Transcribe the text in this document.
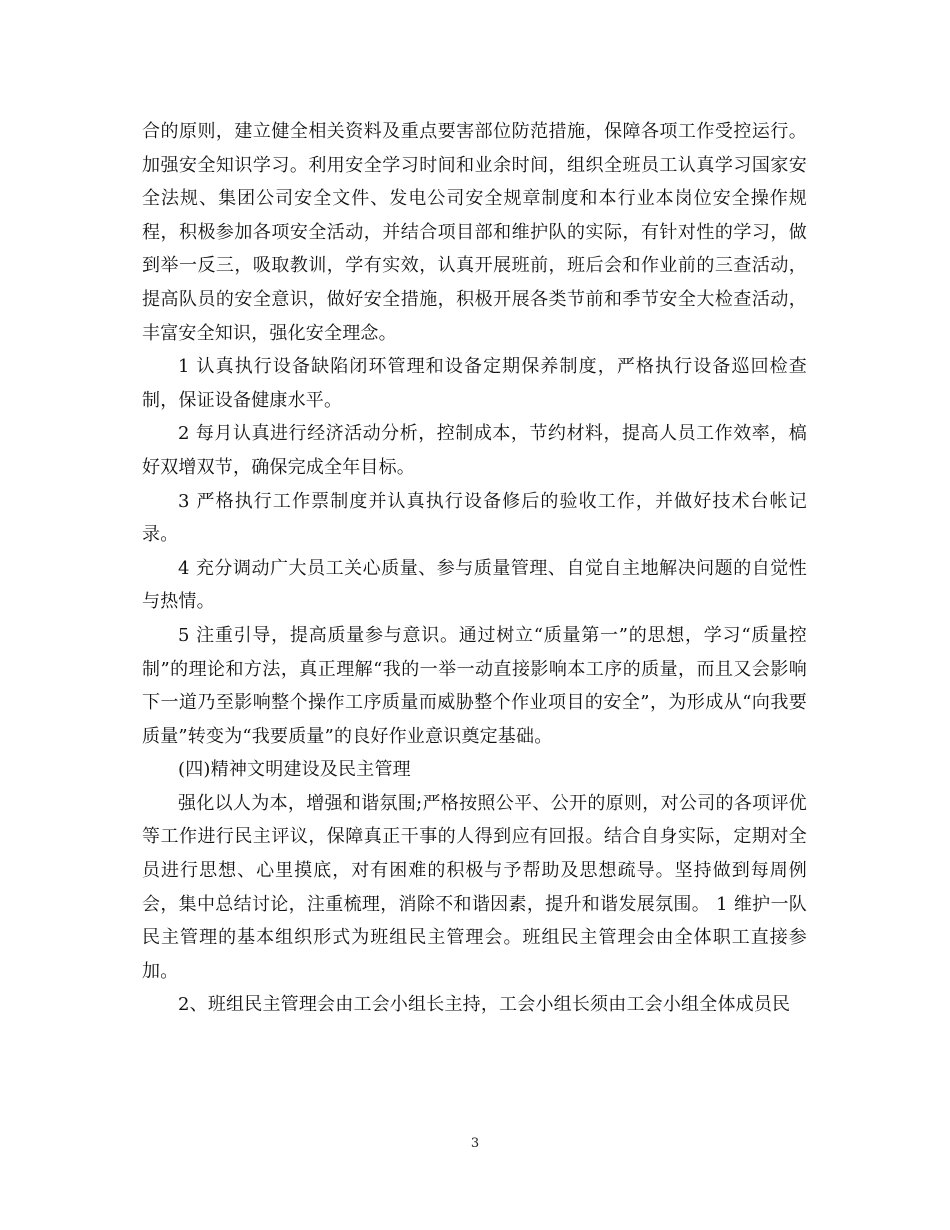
合的原则，建立健全相关资料及重点要害部位防范措施，保障各项工作受控运行。加强安全知识学习。利用安全学习时间和业余时间，组织全班员工认真学习国家安全法规、集团公司安全文件、发电公司安全规章制度和本行业本岗位安全操作规程，积极参加各项安全活动，并结合项目部和维护队的实际，有针对性的学习，做到举一反三，吸取教训，学有实效，认真开展班前，班后会和作业前的三查活动，提高队员的安全意识，做好安全措施，积极开展各类节前和季节安全大检查活动，丰富安全知识，强化安全理念。

1 认真执行设备缺陷闭环管理和设备定期保养制度，严格执行设备巡回检查制，保证设备健康水平。

2 每月认真进行经济活动分析，控制成本，节约材料，提高人员工作效率，槁好双增双节，确保完成全年目标。

3 严格执行工作票制度并认真执行设备修后的验收工作，并做好技术台帐记录。

4 充分调动广大员工关心质量、参与质量管理、自觉自主地解决问题的自觉性与热情。

5 注重引导，提高质量参与意识。通过树立“质量第一”的思想，学习“质量控制”的理论和方法，真正理解“我的一举一动直接影响本工序的质量，而且又会影响下一道乃至影响整个操作工序质量而威胁整个作业项目的安全”，为形成从“向我要质量”转变为“我要质量”的良好作业意识奠定基础。

(四)精神文明建设及民主管理

强化以人为本，增强和谐氛围;严格按照公平、公开的原则，对公司的各项评优等工作进行民主评议，保障真正干事的人得到应有回报。结合自身实际，定期对全员进行思想、心里摸底，对有困难的积极与予帮助及思想疏导。坚持做到每周例会，集中总结讨论，注重梳理，消除不和谐因素，提升和谐发展氛围。 1 维护一队民主管理的基本组织形式为班组民主管理会。班组民主管理会由全体职工直接参加。

2、班组民主管理会由工会小组长主持，工会小组长须由工会小组全体成员民

3
